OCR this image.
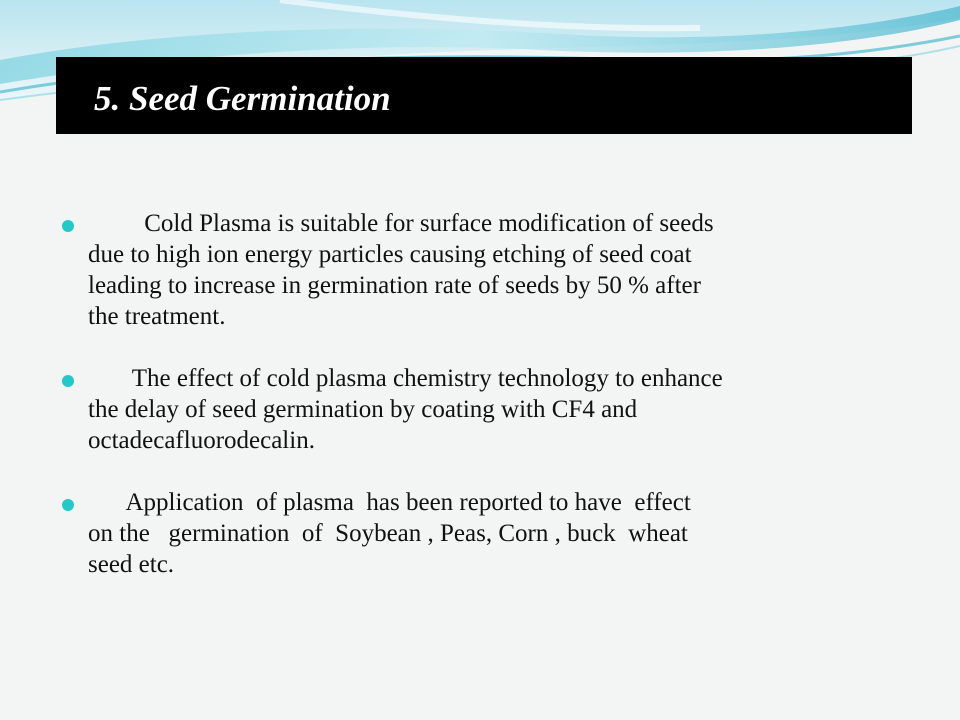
5. Seed Germination
Cold Plasma is suitable for surface modification of seeds
due to high ion energy particles causing etching of seed coat
leading to increase in germination rate of seeds by 50 % after
the treatment.
The effect of cold plasma chemistry technology to enhance
the delay of seed germination by coating with CF4 and
octadecafluorodecalin.
Application  of plasma  has been reported to have  effect
on the   germination  of  Soybean , Peas, Corn , buck  wheat
seed etc.
